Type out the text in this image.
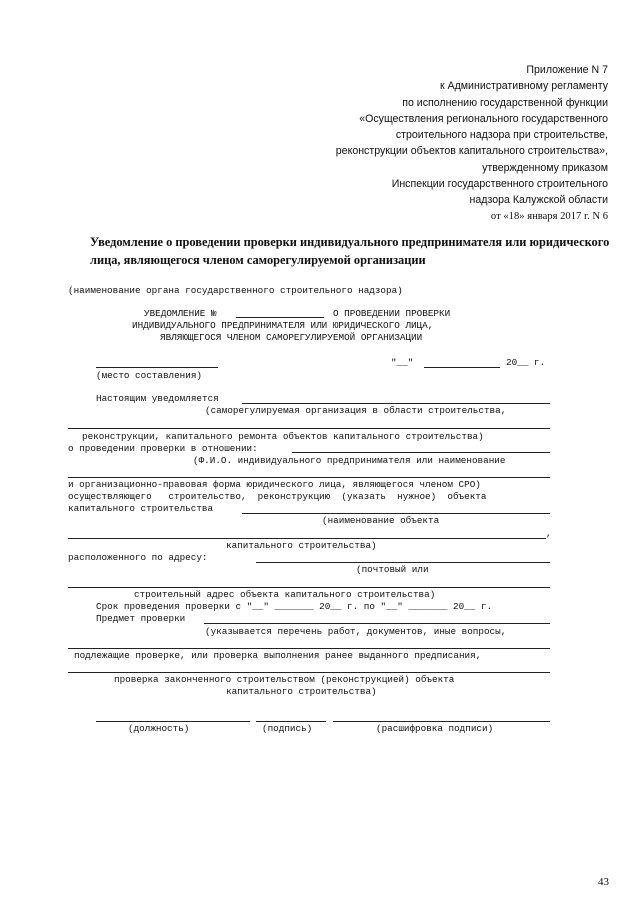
Приложение N 7
к Административному регламенту
по исполнению государственной функции
«Осуществления регионального государственного
строительного надзора при строительстве,
реконструкции объектов капитального строительства»,
утвержденному приказом
Инспекции государственного строительного
надзора Калужской области
от «18» января 2017 г. N 6
Уведомление о проведении проверки индивидуального предпринимателя или юридического лица, являющегося членом саморегулируемой организации
(наименование органа государственного строительного надзора)
УВЕДОМЛЕНИЕ №	О ПРОВЕДЕНИИ ПРОВЕРКИ
ИНДИВИДУАЛЬНОГО ПРЕДПРИНИМАТЕЛЯ ИЛИ ЮРИДИЧЕСКОГО ЛИЦА,
ЯВЛЯЮЩЕГОСЯ ЧЛЕНОМ САМОРЕГУЛИРУЕМОЙ ОРГАНИЗАЦИИ
"__"	20__ г.
(место составления)
Настоящим уведомляется
(саморегулируемая организация в области строительства,
реконструкции, капитального ремонта объектов капитального строительства)
о проведении проверки в отношении:
(Ф.И.О. индивидуального предпринимателя или наименование
и организационно-правовая форма юридического лица, являющегося членом СРО)
осуществляющего   строительство,  реконструкцию  (указать  нужное)  объекта
капитального строительства
(наименование объекта
,
капитального строительства)
расположенного по адресу:
(почтовый или
строительный адрес объекта капитального строительства)
Срок проведения проверки с "__" _______ 20__ г. по "__" _______ 20__ г.
Предмет проверки
(указывается перечень работ, документов, иные вопросы,
подлежащие проверке, или проверка выполнения ранее выданного предписания,
проверка законченного строительством (реконструкцией) объекта
капитального строительства)
(должность)	(подпись)	(расшифровка подписи)
43
